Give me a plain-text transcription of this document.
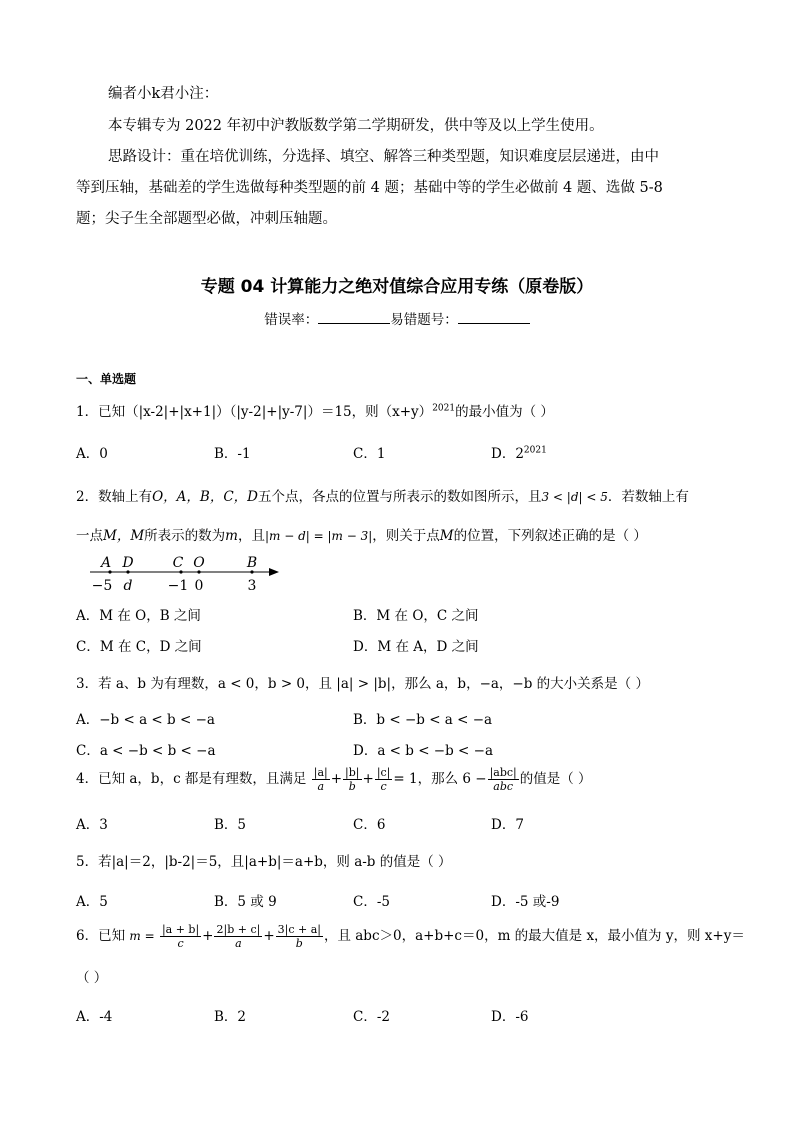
编者小k君小注：
本专辑专为 2022 年初中沪教版数学第二学期研发，供中等及以上学生使用。
思路设计：重在培优训练，分选择、填空、解答三种类型题，知识难度层层递进，由中
等到压轴，基础差的学生选做每种类型题的前 4 题；基础中等的学生必做前 4 题、选做 5-8
题；尖子生全部题型必做，冲刺压轴题。
专题 04 计算能力之绝对值综合应用专练（原卷版）
错误率：	易错题号：
一、单选题
1．已知（|x-2|+|x+1|）（|y-2|+|y-7|）＝15，则$(x+y)^{2021}$的最小值为（ ）
A．0	B．-1	C．1	D．$2^{2021}$
2．数轴上有O，A，B，C，D五个点，各点的位置与所表示的数如图所示，且3 < |d| < 5．若数轴上有
一点M，M所表示的数为m，且|m − d| = |m − 3|，则关于点M的位置，下列叙述正确的是（ ）
A D	C O	B
−5 d	−1 0	3
A．M 在 O，B 之间	B．M 在 O，C 之间
C．M 在 C，D 之间	D．M 在 A，D 之间
3．若 a、b 为有理数，a < 0，b > 0，且 |a| > |b|，那么 a，b，−a，−b 的大小关系是（ ）
A．−b < a < b < −a	B．b < −b < a < −a
C．a < −b < b < −a	D．a < b < −b < −a
4．已知 a，b，c 都是有理数，且满足 $\frac{|a|}{a} + \frac{|b|}{b} + \frac{|c|}{c} = 1$，那么 $6 - \frac{\text{|abc|}}{\text{abc}}$ 的值是（ ）
A．3	B．5	C．6	D．7
5．若|a|＝2，|b-2|＝5，且|a+b|＝a+b，则 a-b 的值是（ ）
A．5	B．5 或 9	C．-5	D．-5 或-9
6．已知 $m = \frac{|a + b|}{c} + \frac{2|b + c|}{a} + \frac{3|c + a|}{b}$ ，且 abc＞0，a+b+c＝0，m 的最大值是 x，最小值为 y，则 x+y＝
（ ）
A．-4	B．2	C．-2	D．-6
